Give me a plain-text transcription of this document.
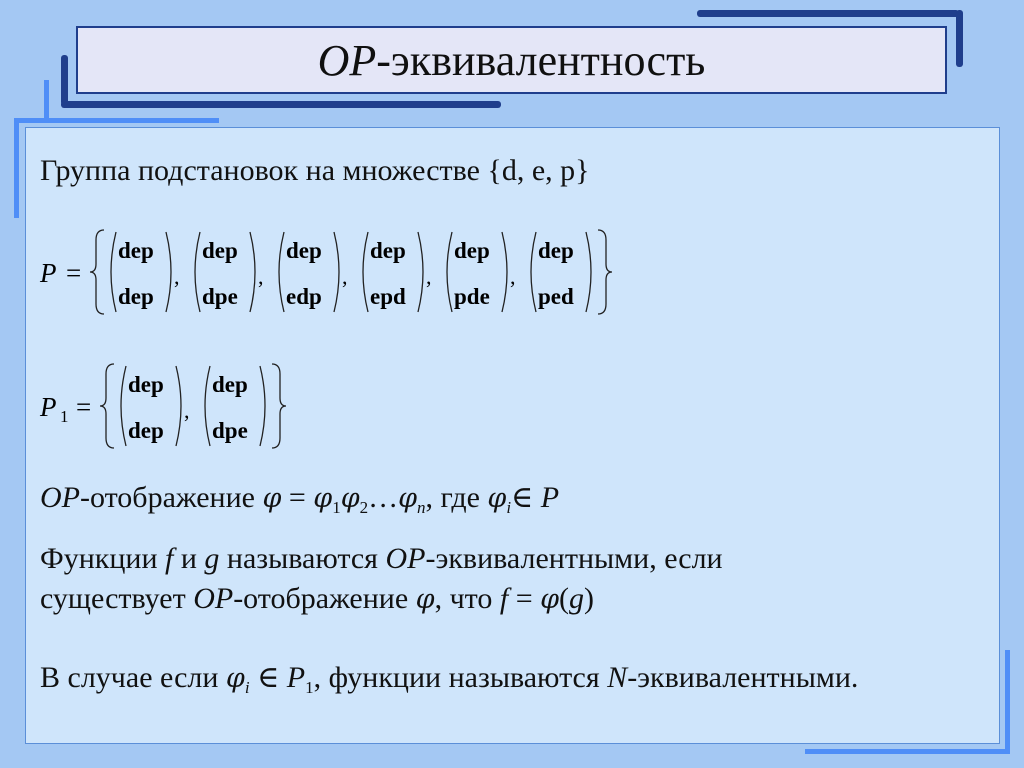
OP-эквивалентность
Группа подстановок на множестве {d, e, p}
P =
dep
dep
,
dep
dpe
,
dep
edp
,
dep
epd
,
dep
pde
,
dep
ped
P 1 =
dep
dep
,
dep
dpe
OP-отображение $\varphi = \varphi_1\varphi_2\dots\varphi_n$, где $\varphi_i\in$ P
Функции f и g называются OP-эквивалентными, если
существует OP-отображение φ, что f = φ(g)
В случае если $\varphi_i$ ∈ $P_1$, функции называются N-эквивалентными.
